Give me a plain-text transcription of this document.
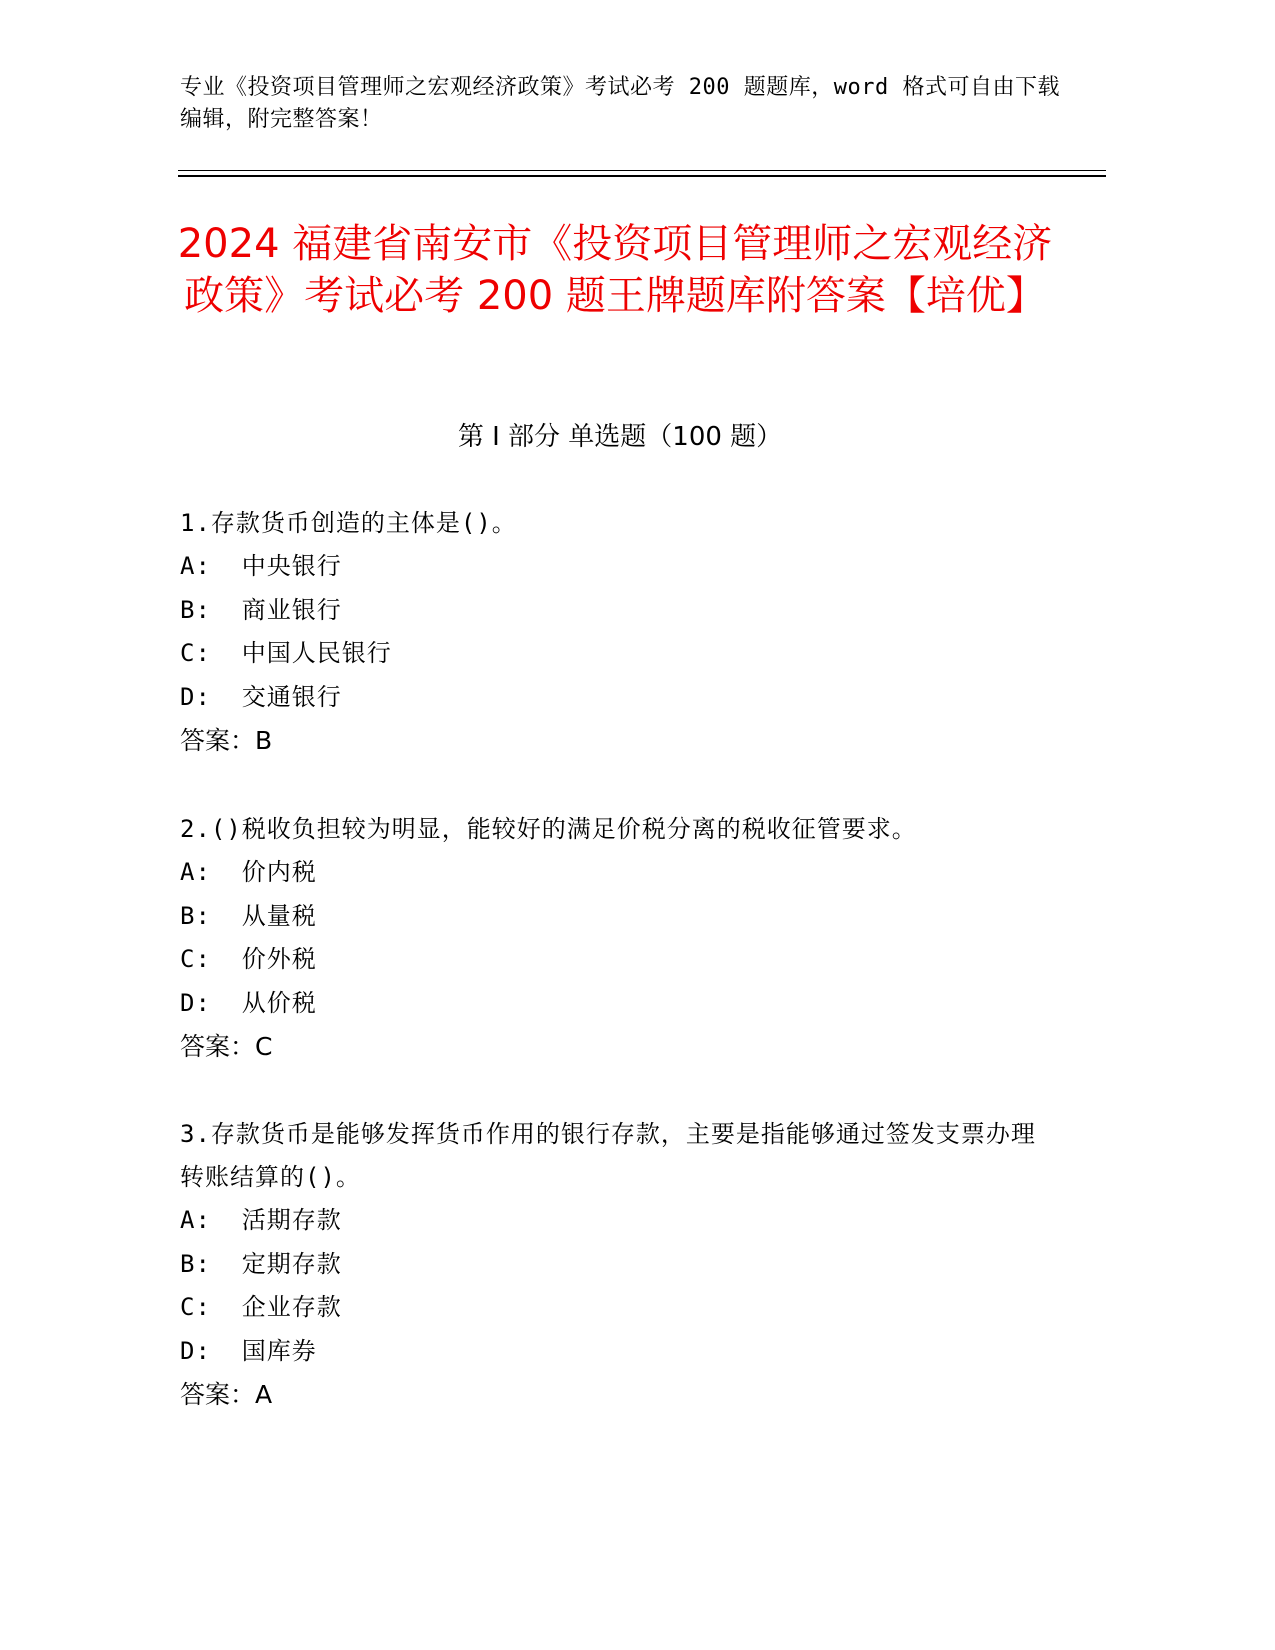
专业《投资项目管理师之宏观经济政策》考试必考 200 题题库，word 格式可自由下载编辑，附完整答案！
2024 福建省南安市《投资项目管理师之宏观经济政策》考试必考 200 题王牌题库附答案【培优】
第 I 部分 单选题（100 题）
1.存款货币创造的主体是()。
A:  中央银行
B:  商业银行
C:  中国人民银行
D:  交通银行
答案：B
2.()税收负担较为明显，能较好的满足价税分离的税收征管要求。
A:  价内税
B:  从量税
C:  价外税
D:  从价税
答案：C
3.存款货币是能够发挥货币作用的银行存款，主要是指能够通过签发支票办理转账结算的()。
A:  活期存款
B:  定期存款
C:  企业存款
D:  国库券
答案：A
